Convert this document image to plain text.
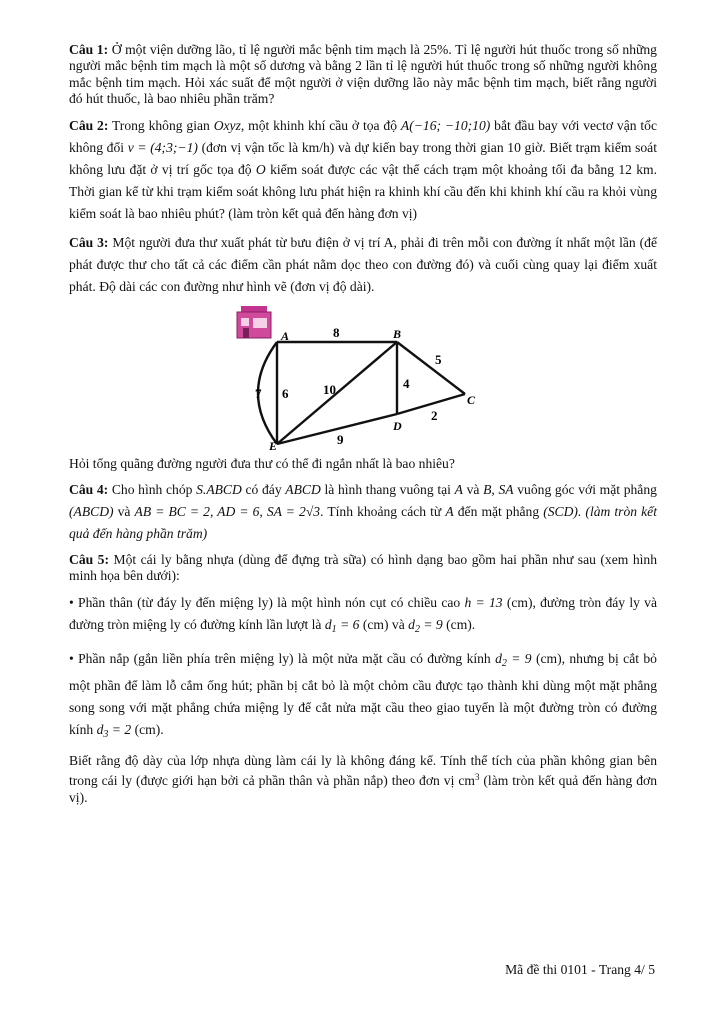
Câu 1: Ở một viện dưỡng lão, tỉ lệ người mắc bệnh tim mạch là 25%. Tỉ lệ người hút thuốc trong số những người mắc bệnh tim mạch là một số dương và bằng 2 lần tỉ lệ người hút thuốc trong số những người không mắc bệnh tim mạch. Hỏi xác suất để một người ở viện dưỡng lão này mắc bệnh tim mạch, biết rằng người đó hút thuốc, là bao nhiêu phần trăm?

Câu 2: Trong không gian Oxyz, một khinh khí cầu ở tọa độ A(−16; −10;10) bắt đầu bay với vectơ vận tốc không đổi v = (4;3;−1) (đơn vị vận tốc là km/h) và dự kiến bay trong thời gian 10 giờ. Biết trạm kiểm soát không lưu đặt ở vị trí gốc tọa độ O kiểm soát được các vật thể cách trạm một khoảng tối đa bằng 12 km. Thời gian kể từ khi trạm kiểm soát không lưu phát hiện ra khinh khí cầu đến khi khinh khí cầu ra khỏi vùng kiểm soát là bao nhiêu phút? (làm tròn kết quả đến hàng đơn vị)

Câu 3: Một người đưa thư xuất phát từ bưu điện ở vị trí A, phải đi trên mỗi con đường ít nhất một lần (để phát được thư cho tất cả các điểm cần phát nằm dọc theo con đường đó) và cuối cùng quay lại điểm xuất phát. Độ dài các con đường như hình vẽ (đơn vị độ dài).

A	B
C
D
E
8
5
2
9
4
10
6
7

Hỏi tổng quãng đường người đưa thư có thể đi ngắn nhất là bao nhiêu?

Câu 4: Cho hình chóp S.ABCD có đáy ABCD là hình thang vuông tại A và B, SA vuông góc với mặt phẳng (ABCD) và AB = BC = 2, AD = 6, SA = 2√3. Tính khoảng cách từ A đến mặt phẳng (SCD). (làm tròn kết quả đến hàng phần trăm)

Câu 5: Một cái ly bằng nhựa (dùng để đựng trà sữa) có hình dạng bao gồm hai phần như sau (xem hình minh họa bên dưới):

• Phần thân (từ đáy ly đến miệng ly) là một hình nón cụt có chiều cao h = 13 (cm), đường tròn đáy ly và đường tròn miệng ly có đường kính lần lượt là $d_1 = 6$ (cm) và $d_2 = 9$ (cm).

• Phần nắp (gắn liền phía trên miệng ly) là một nửa mặt cầu có đường kính $d_2 = 9$ (cm), nhưng bị cắt bỏ một phần để làm lỗ cắm ống hút; phần bị cắt bỏ là một chỏm cầu được tạo thành khi dùng một mặt phẳng song song với mặt phẳng chứa miệng ly để cắt nửa mặt cầu theo giao tuyến là một đường tròn có đường kính $d_3 = 2$ (cm).

Biết rằng độ dày của lớp nhựa dùng làm cái ly là không đáng kể. Tính thể tích của phần không gian bên trong cái ly (được giới hạn bởi cả phần thân và phần nắp) theo đơn vị $cm^3$ (làm tròn kết quả đến hàng đơn vị).

Mã đề thi 0101 - Trang 4/ 5
